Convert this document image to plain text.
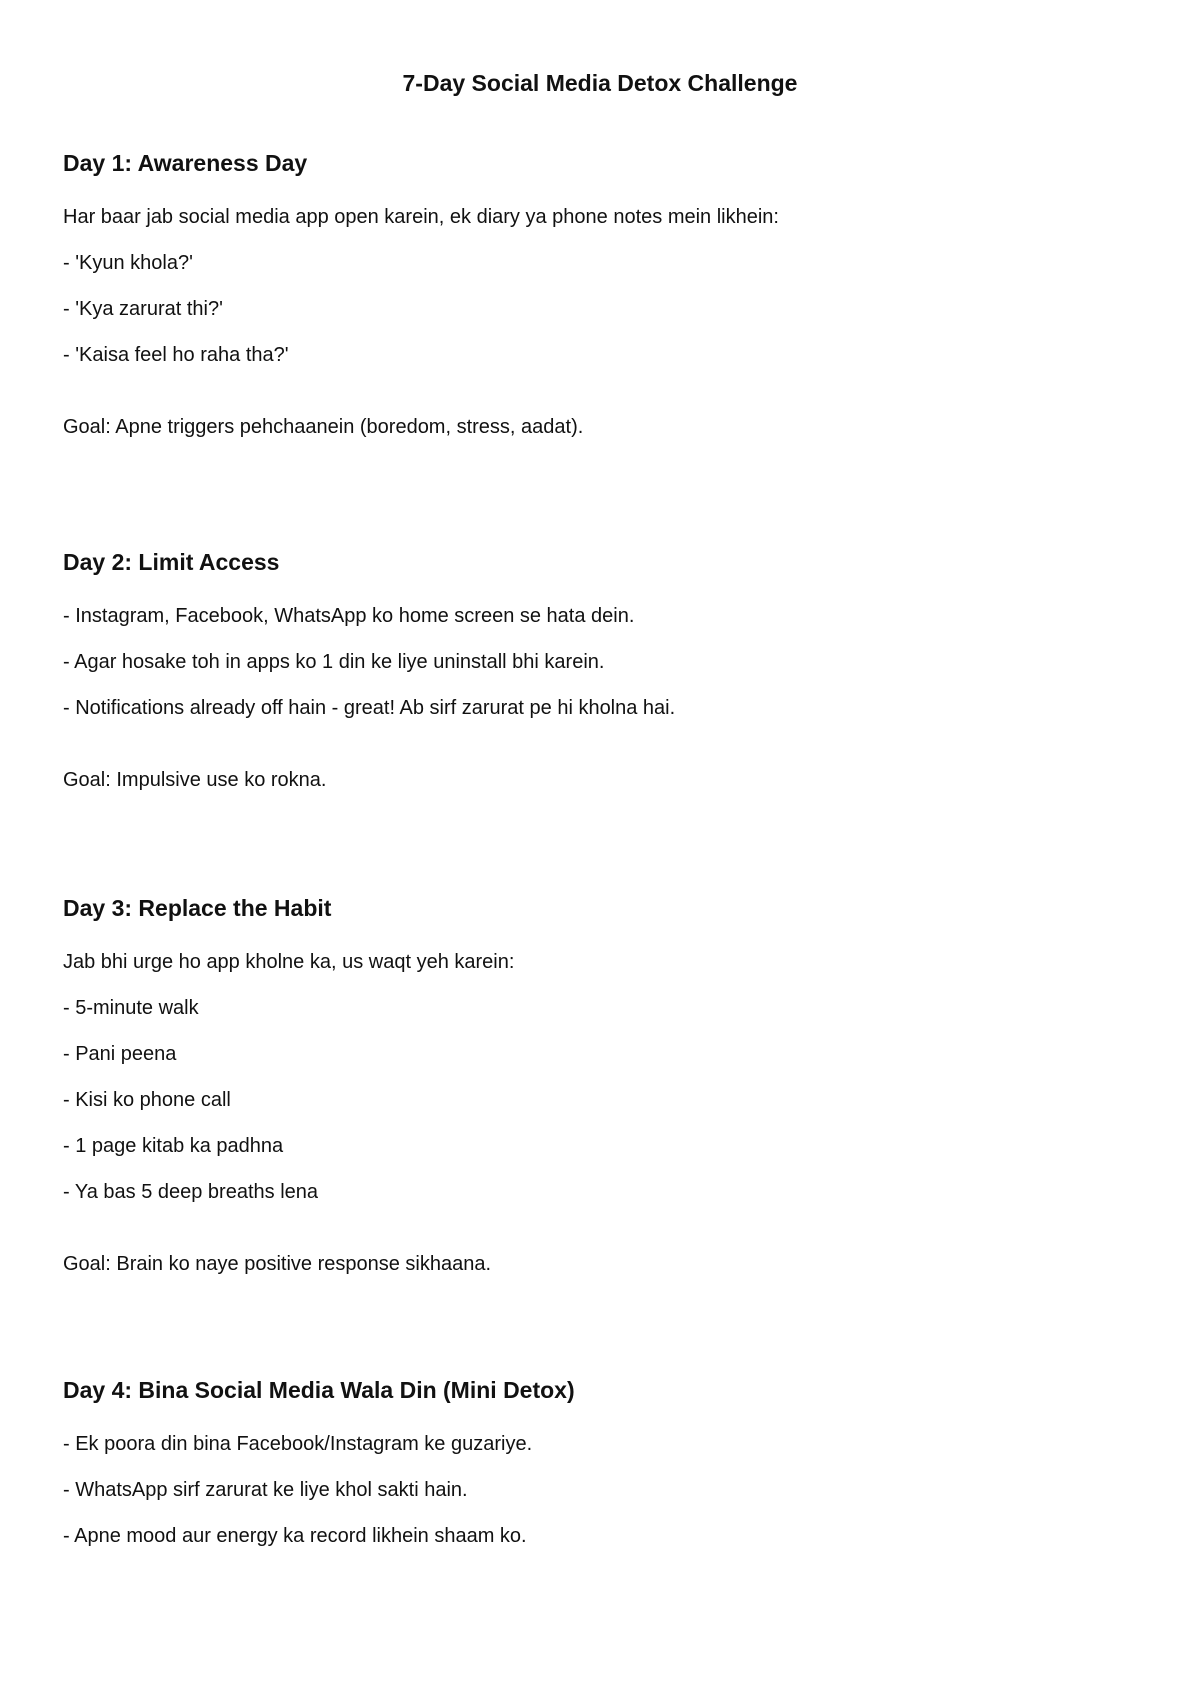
7-Day Social Media Detox Challenge
Day 1: Awareness Day
Har baar jab social media app open karein, ek diary ya phone notes mein likhein:
- 'Kyun khola?'
- 'Kya zarurat thi?'
- 'Kaisa feel ho raha tha?'
Goal: Apne triggers pehchaanein (boredom, stress, aadat).
Day 2: Limit Access
- Instagram, Facebook, WhatsApp ko home screen se hata dein.
- Agar hosake toh in apps ko 1 din ke liye uninstall bhi karein.
- Notifications already off hain - great! Ab sirf zarurat pe hi kholna hai.
Goal: Impulsive use ko rokna.
Day 3: Replace the Habit
Jab bhi urge ho app kholne ka, us waqt yeh karein:
- 5-minute walk
- Pani peena
- Kisi ko phone call
- 1 page kitab ka padhna
- Ya bas 5 deep breaths lena
Goal: Brain ko naye positive response sikhaana.
Day 4: Bina Social Media Wala Din (Mini Detox)
- Ek poora din bina Facebook/Instagram ke guzariye.
- WhatsApp sirf zarurat ke liye khol sakti hain.
- Apne mood aur energy ka record likhein shaam ko.
